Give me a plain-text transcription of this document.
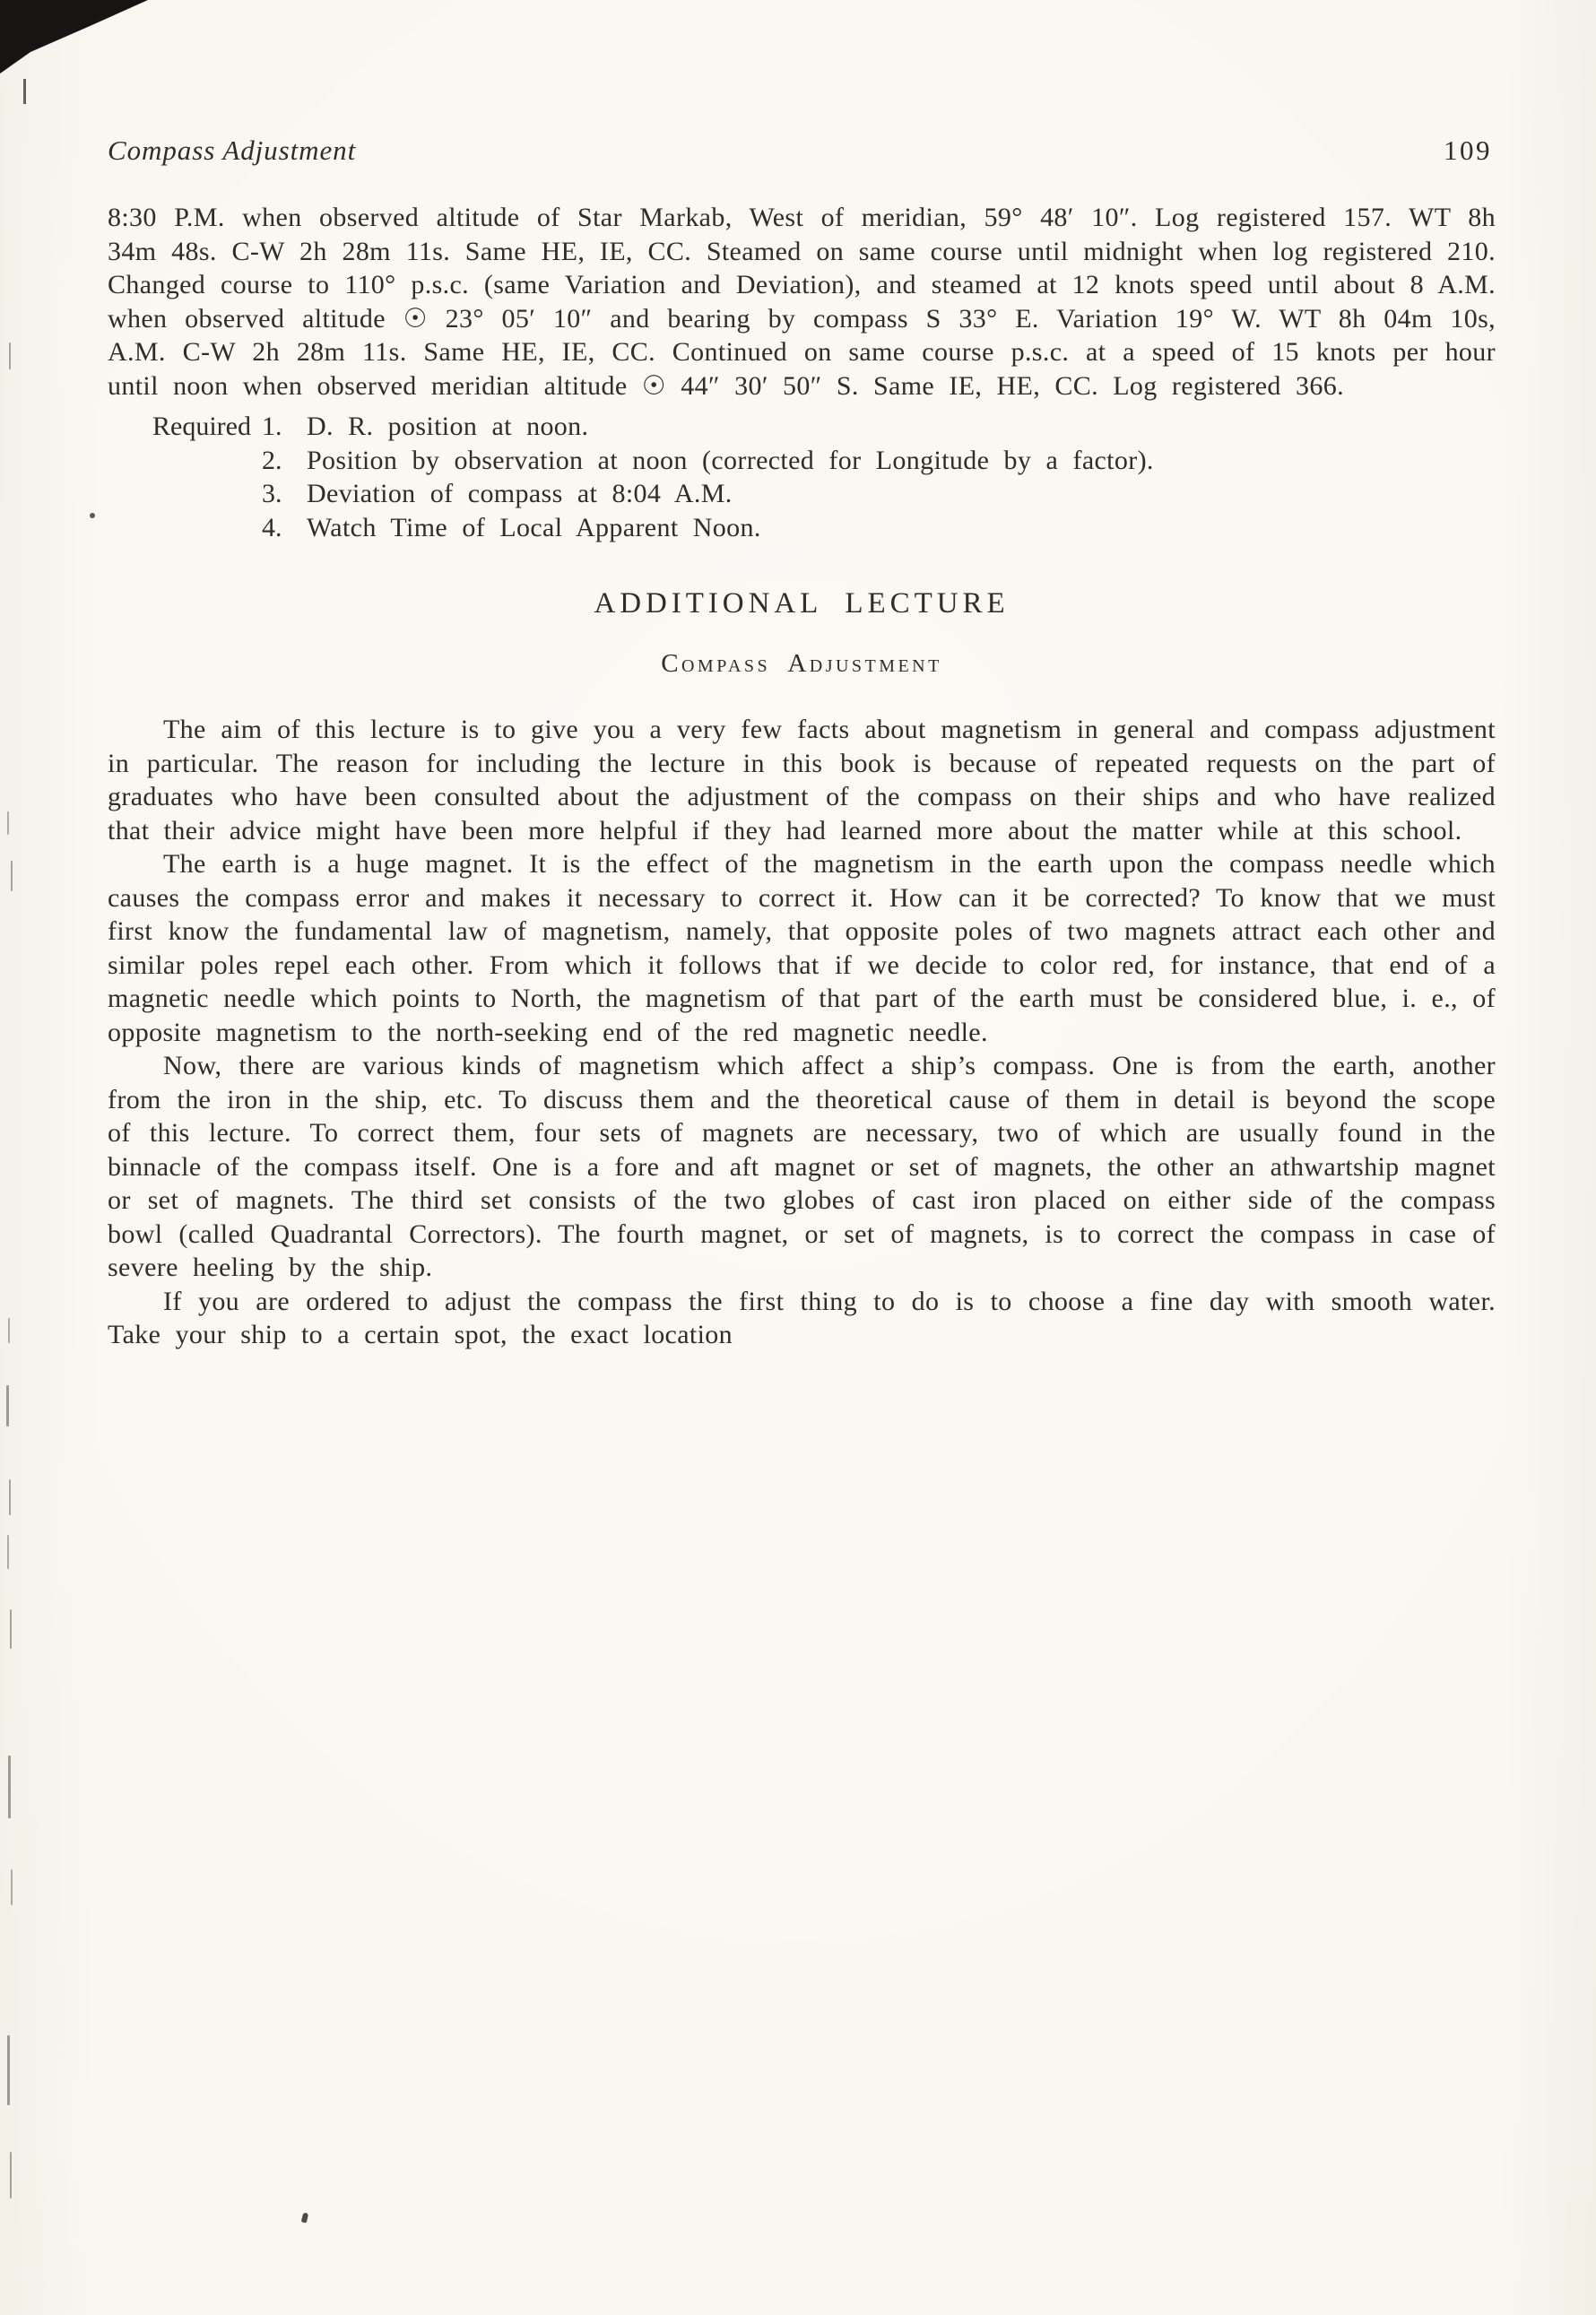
Compass Adjustment	109

8:30 P.M. when observed altitude of Star Markab, West of meridian, 59° 48′ 10″. Log registered 157. WT 8h 34m 48s. C-W 2h 28m 11s. Same HE, IE, CC. Steamed on same course until midnight when log registered 210. Changed course to 110° p.s.c. (same Variation and Deviation), and steamed at 12 knots speed until about 8 A.M. when observed altitude ☉ 23° 05′ 10″ and bearing by compass S 33° E. Variation 19° W. WT 8h 04m 10s, A.M. C-W 2h 28m 11s. Same HE, IE, CC. Continued on same course p.s.c. at a speed of 15 knots per hour until noon when observed meridian altitude ☉ 44″ 30′ 50″ S. Same IE, HE, CC. Log registered 366.

Required 1. D. R. position at noon.
2. Position by observation at noon (corrected for Longitude by a factor).
3. Deviation of compass at 8:04 A.M.
4. Watch Time of Local Apparent Noon.
ADDITIONAL LECTURE
Compass Adjustment

The aim of this lecture is to give you a very few facts about magnetism in general and compass adjustment in particular. The reason for including the lecture in this book is because of repeated requests on the part of graduates who have been consulted about the adjustment of the compass on their ships and who have realized that their advice might have been more helpful if they had learned more about the matter while at this school.

The earth is a huge magnet. It is the effect of the magnetism in the earth upon the compass needle which causes the compass error and makes it necessary to correct it. How can it be corrected? To know that we must first know the fundamental law of magnetism, namely, that opposite poles of two magnets attract each other and similar poles repel each other. From which it follows that if we decide to color red, for instance, that end of a magnetic needle which points to North, the magnetism of that part of the earth must be considered blue, i. e., of opposite magnetism to the north-seeking end of the red magnetic needle.

Now, there are various kinds of magnetism which affect a ship’s compass. One is from the earth, another from the iron in the ship, etc. To discuss them and the theoretical cause of them in detail is beyond the scope of this lecture. To correct them, four sets of magnets are necessary, two of which are usually found in the binnacle of the compass itself. One is a fore and aft magnet or set of magnets, the other an athwartship magnet or set of magnets. The third set consists of the two globes of cast iron placed on either side of the compass bowl (called Quadrantal Correctors). The fourth magnet, or set of magnets, is to correct the compass in case of severe heeling by the ship.

If you are ordered to adjust the compass the first thing to do is to choose a fine day with smooth water. Take your ship to a certain spot, the exact location
